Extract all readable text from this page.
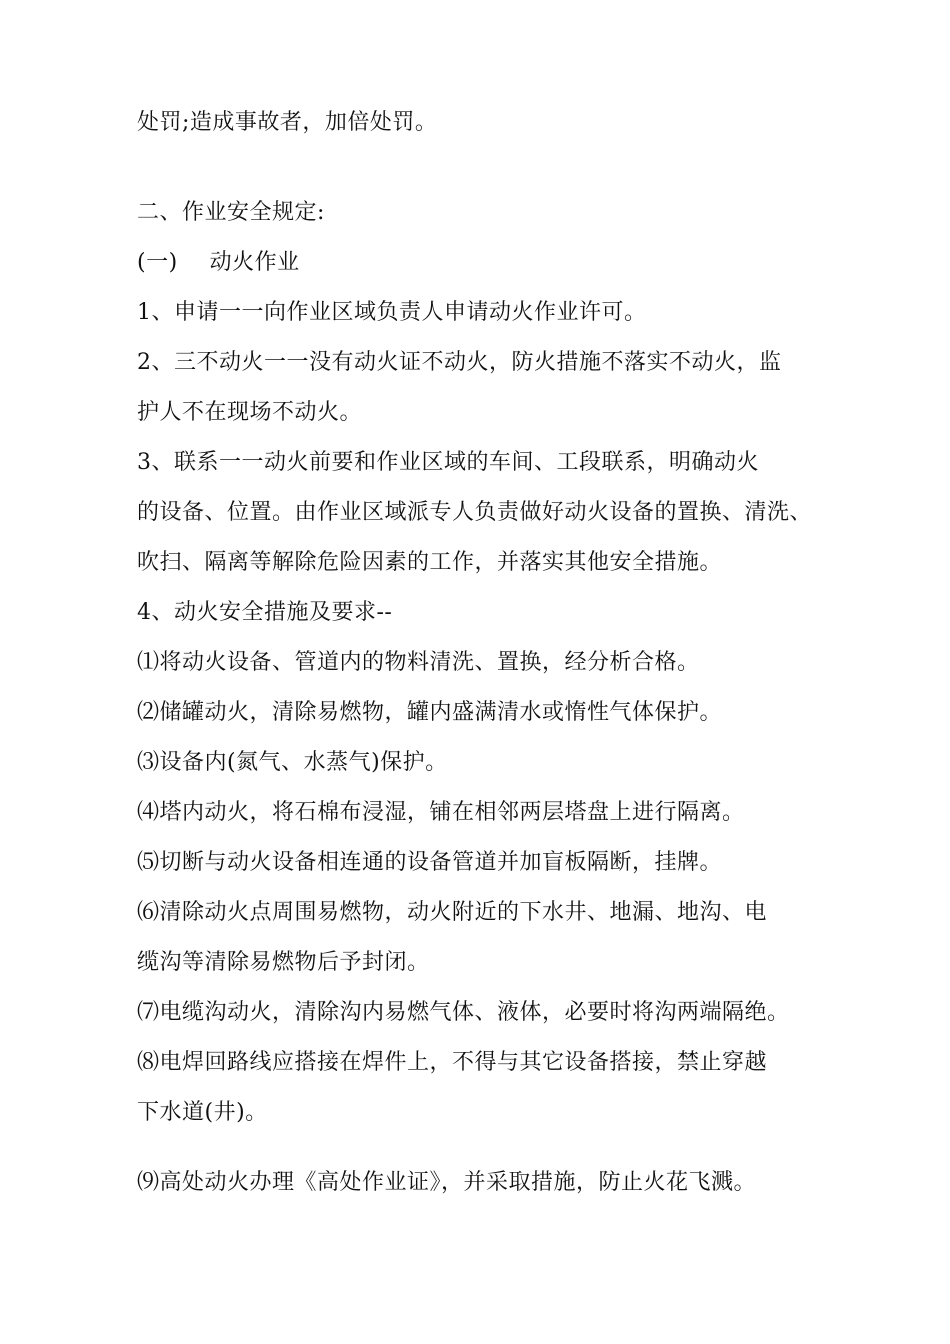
处罚;造成事故者，加倍处罚。
二、作业安全规定:
(一) 动火作业
1、申请一一向作业区域负责人申请动火作业许可。
2、三不动火一一没有动火证不动火，防火措施不落实不动火，监
护人不在现场不动火。
3、联系一一动火前要和作业区域的车间、工段联系，明确动火
的设备、位置。由作业区域派专人负责做好动火设备的置换、清洗、
吹扫、隔离等解除危险因素的工作，并落实其他安全措施。
4、动火安全措施及要求--
⑴将动火设备、管道内的物料清洗、置换，经分析合格。
⑵储罐动火，清除易燃物，罐内盛满清水或惰性气体保护。
⑶设备内(氮气、水蒸气)保护。
⑷塔内动火，将石棉布浸湿，铺在相邻两层塔盘上进行隔离。
⑸切断与动火设备相连通的设备管道并加盲板隔断，挂牌。
⑹清除动火点周围易燃物，动火附近的下水井、地漏、地沟、电
缆沟等清除易燃物后予封闭。
⑺电缆沟动火，清除沟内易燃气体、液体，必要时将沟两端隔绝。
⑻电焊回路线应搭接在焊件上，不得与其它设备搭接，禁止穿越
下水道(井)。
⑼高处动火办理《高处作业证》，并采取措施，防止火花飞溅。
